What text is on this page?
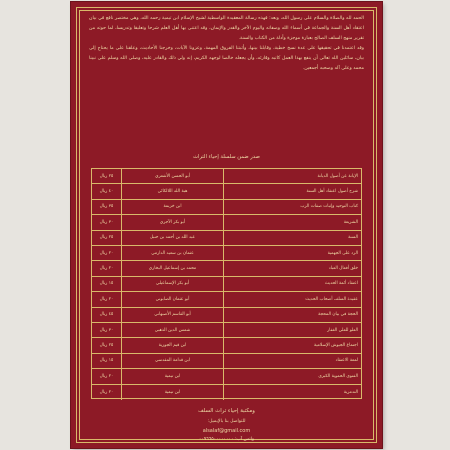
الحمد لله والصلاة والسلام على رسول الله، وبعد: فهذه رسالة المعقيدة الواسطية لشيخ الإسلام ابن تيمية رحمه الله، وهي مختصر نافع في بيان اعتقاد أهل السنة والجماعة في أسماء الله وصفاته واليوم الآخر والقدر والإيمان، وقد اعتنى بها أهل العلم شرحا وتعليقا وتدريسا، لما حوته من تقرير منهج السلف الصالح بعبارة موجزة وأدلة من الكتاب والسنة.

وقد اعتمدنا في تحقيقها على عدة نسخ خطية، وقابلنا بينها، وأثبتنا الفروق المهمة، وعزونا الآيات، وخرجنا الأحاديث، وعلقنا على ما يحتاج إلى بيان، سائلين الله تعالى أن ينفع بهذا العمل كاتبه وقارئه، وأن يجعله خالصا لوجهه الكريم، إنه ولي ذلك والقادر عليه، وصلى الله وسلم على نبينا محمد وعلى آله وصحبه أجمعين.

صدر ضمن سلسلة إحياء التراث
الإبانة عن أصول الديانة
أبو الحسن الأشعري
٢٥ ريال
شرح أصول اعتقاد أهل السنة
هبة الله اللالكائي
٤٠ ريال
كتاب التوحيد وإثبات صفات الرب
ابن خزيمة
٣٥ ريال
الشريعة
أبو بكر الآجري
٣٠ ريال
السنة
عبد الله بن أحمد بن حنبل
٢٥ ريال
الرد على الجهمية
عثمان بن سعيد الدارمي
٢٠ ريال
خلق أفعال العباد
محمد بن إسماعيل البخاري
٢٠ ريال
اعتقاد أئمة الحديث
أبو بكر الإسماعيلي
١٥ ريال
عقيدة السلف أصحاب الحديث
أبو عثمان الصابوني
٢٠ ريال
الحجة في بيان المحجة
أبو القاسم الأصبهاني
٤٥ ريال
العلو للعلي الغفار
شمس الدين الذهبي
٣٠ ريال
اجتماع الجيوش الإسلامية
ابن قيم الجوزية
٢٥ ريال
لمعة الاعتقاد
ابن قدامة المقدسي
١٥ ريال
الفتوى الحموية الكبرى
ابن تيمية
٢٠ ريال
التدمرية
ابن تيمية
٢٠ ريال
ومكتبة إحياء تراث السلف
للتواصل بنا بالإيميل:
alsalaf@gmail.com
واتس آب: ٠٠٩٦٦٥٠٠٠٠٠٠٠٠
